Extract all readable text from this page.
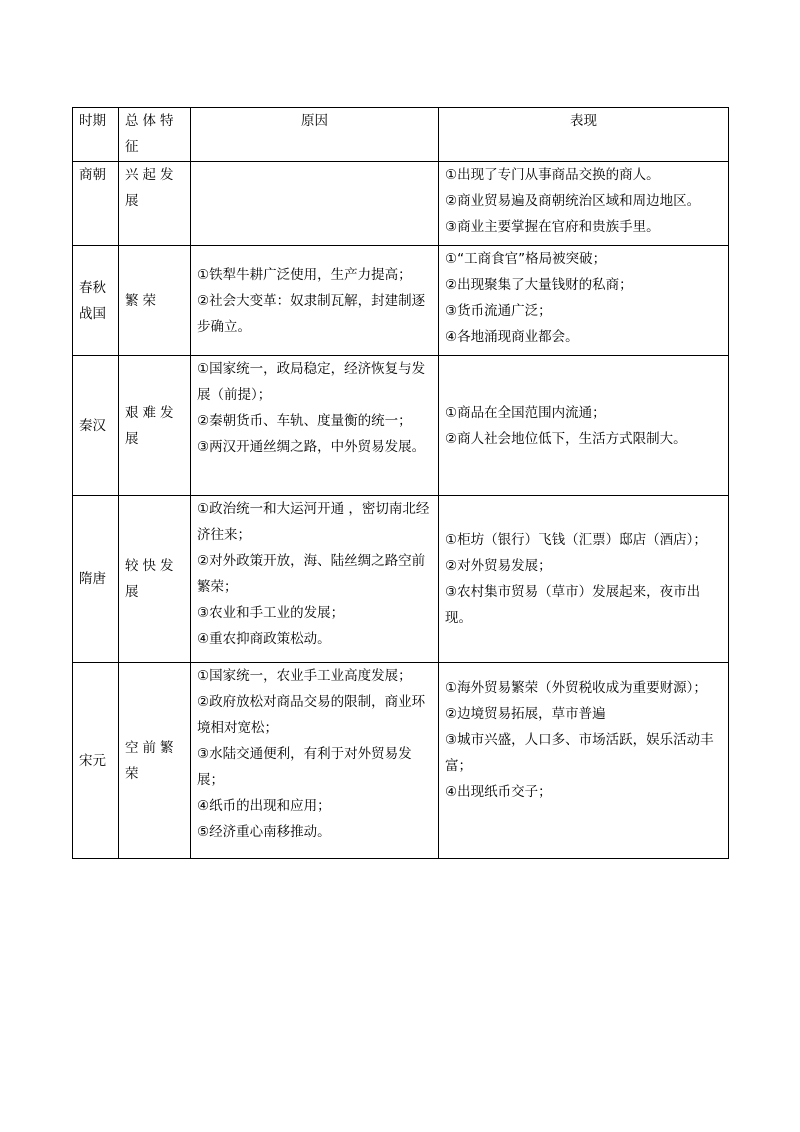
时期	总体特征	原因	表现
商朝	兴起发展		①出现了专门从事商品交换的商人。
②商业贸易遍及商朝统治区域和周边地区。
③商业主要掌握在官府和贵族手里。

春秋战国	繁荣	①铁犁牛耕广泛使用，生产力提高；
②社会大变革：奴隶制瓦解，封建制逐步确立。	①“工商食官”格局被突破；
②出现聚集了大量钱财的私商；
③货币流通广泛；
④各地涌现商业都会。

秦汉	艰难发展	①国家统一，政局稳定，经济恢复与发展（前提）；
②秦朝货币、车轨、度量衡的统一；
③两汉开通丝绸之路，中外贸易发展。	①商品在全国范围内流通；
②商人社会地位低下，生活方式限制大。

隋唐	较快发展	①政治统一和大运河开通 ，密切南北经济往来；
②对外政策开放，海、陆丝绸之路空前繁荣；
③农业和手工业的发展；
④重农抑商政策松动。	①柜坊（银行）飞钱（汇票）邸店（酒店）；
②对外贸易发展；
③农村集市贸易（草市）发展起来，夜市出现。

宋元	空前繁荣	①国家统一，农业手工业高度发展；
②政府放松对商品交易的限制，商业环境相对宽松；
③水陆交通便利，有利于对外贸易发展；
④纸币的出现和应用；
⑤经济重心南移推动。	①海外贸易繁荣（外贸税收成为重要财源）；
②边境贸易拓展，草市普遍
③城市兴盛，人口多、市场活跃，娱乐活动丰富；
④出现纸币交子；
